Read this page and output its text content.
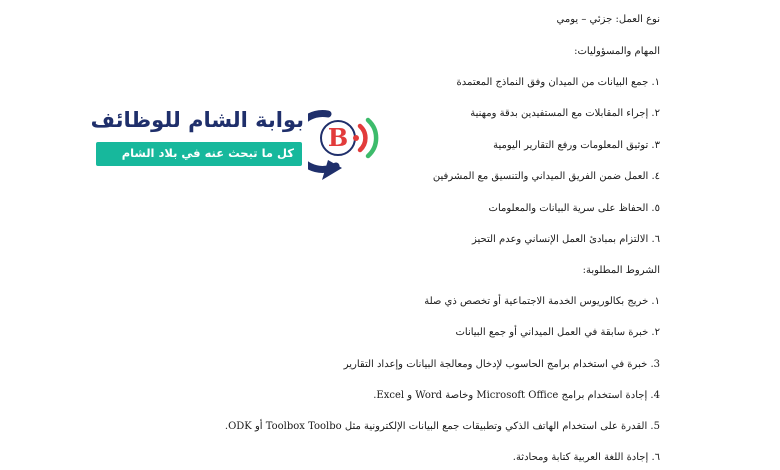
نوع العمل: جزئي – يومي
المهام والمسؤوليات:
١. جمع البيانات من الميدان وفق النماذج المعتمدة
٢. إجراء المقابلات مع المستفيدين بدقة ومهنية
٣. توثيق المعلومات ورفع التقارير اليومية
٤. العمل ضمن الفريق الميداني والتنسيق مع المشرفين
٥. الحفاظ على سرية البيانات والمعلومات
٦. الالتزام بمبادئ العمل الإنساني وعدم التحيز
الشروط المطلوبة:
١. خريج بكالوريوس الخدمة الاجتماعية أو تخصص ذي صلة
٢. خبرة سابقة في العمل الميداني أو جمع البيانات
3. خبرة في استخدام برامج الحاسوب لإدخال ومعالجة البيانات وإعداد التقارير
4. إجادة استخدام برامج Microsoft Office وخاصة Word و Excel.
5. القدرة على استخدام الهاتف الذكي وتطبيقات جمع البيانات الإلكترونية مثل Toolbox Toolbo أو ODK.
٦. إجادة اللغة العربية كتابة ومحادثة.
بوابة الشام للوظائف
كل ما تبحث عنه في بلاد الشام
B
